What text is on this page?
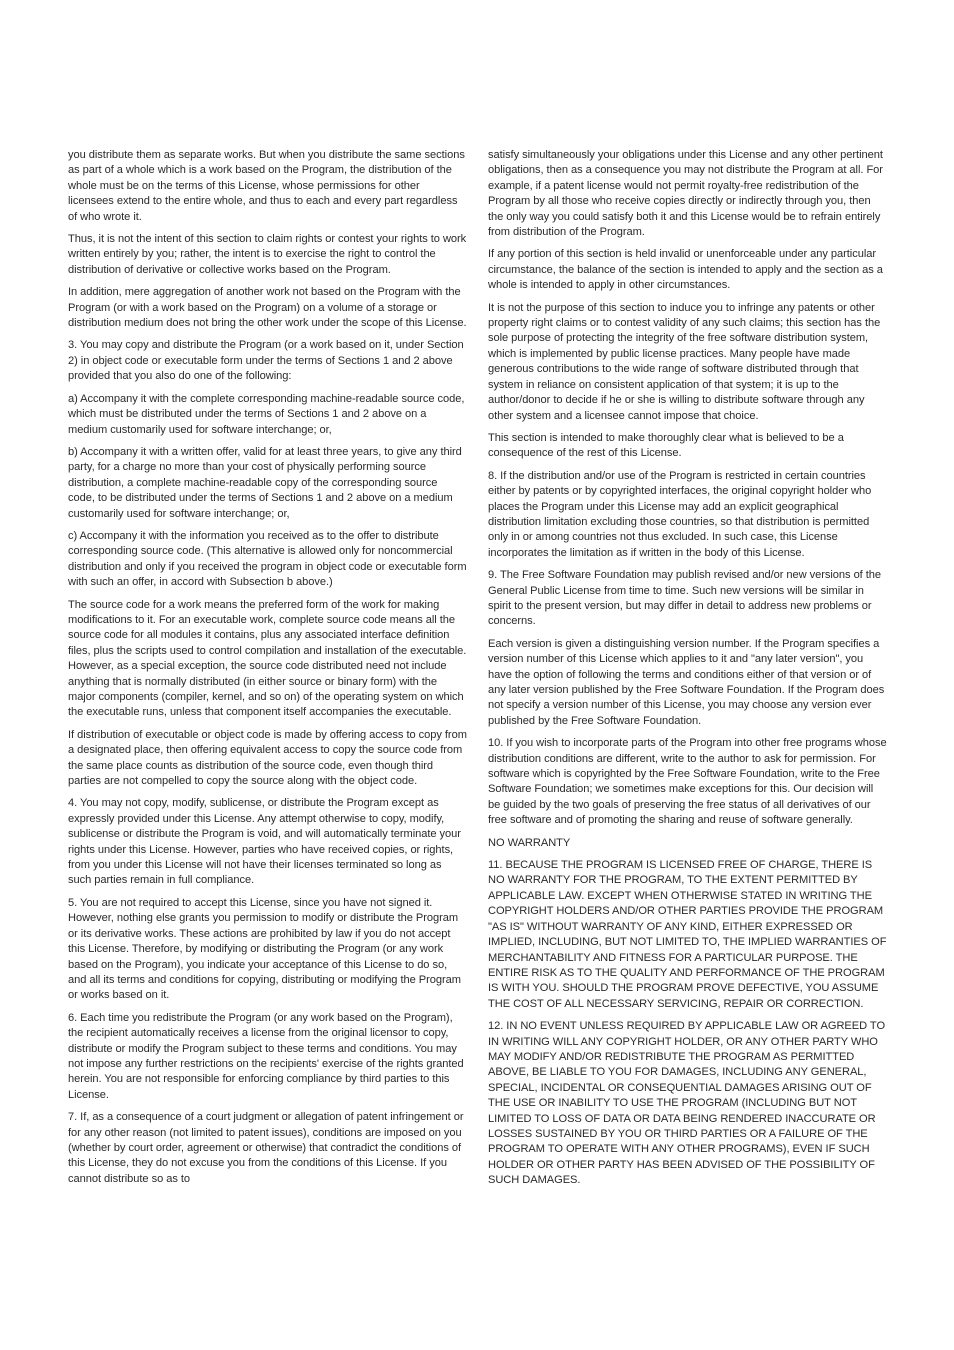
you distribute them as separate works. But when you distribute the same sections as part of a whole which is a work based on the Program, the distribution of the whole must be on the terms of this License, whose permissions for other licensees extend to the entire whole, and thus to each and every part regardless of who wrote it.

Thus, it is not the intent of this section to claim rights or contest your rights to work written entirely by you; rather, the intent is to exercise the right to control the distribution of derivative or collective works based on the Program.

In addition, mere aggregation of another work not based on the Program with the Program (or with a work based on the Program) on a volume of a storage or distribution medium does not bring the other work under the scope of this License.

3. You may copy and distribute the Program (or a work based on it, under Section 2) in object code or executable form under the terms of Sections 1 and 2 above provided that you also do one of the following:

a) Accompany it with the complete corresponding machine-readable source code, which must be distributed under the terms of Sections 1 and 2 above on a medium customarily used for software interchange; or,

b) Accompany it with a written offer, valid for at least three years, to give any third party, for a charge no more than your cost of physically performing source distribution, a complete machine-readable copy of the corresponding source code, to be distributed under the terms of Sections 1 and 2 above on a medium customarily used for software interchange; or,

c) Accompany it with the information you received as to the offer to distribute corresponding source code. (This alternative is allowed only for noncommercial distribution and only if you received the program in object code or executable form with such an offer, in accord with Subsection b above.)

The source code for a work means the preferred form of the work for making modifications to it. For an executable work, complete source code means all the source code for all modules it contains, plus any associated interface definition files, plus the scripts used to control compilation and installation of the executable. However, as a special exception, the source code distributed need not include anything that is normally distributed (in either source or binary form) with the major components (compiler, kernel, and so on) of the operating system on which the executable runs, unless that component itself accompanies the executable.

If distribution of executable or object code is made by offering access to copy from a designated place, then offering equivalent access to copy the source code from the same place counts as distribution of the source code, even though third parties are not compelled to copy the source along with the object code.

4. You may not copy, modify, sublicense, or distribute the Program except as expressly provided under this License. Any attempt otherwise to copy, modify, sublicense or distribute the Program is void, and will automatically terminate your rights under this License. However, parties who have received copies, or rights, from you under this License will not have their licenses terminated so long as such parties remain in full compliance.

5. You are not required to accept this License, since you have not signed it. However, nothing else grants you permission to modify or distribute the Program or its derivative works. These actions are prohibited by law if you do not accept this License. Therefore, by modifying or distributing the Program (or any work based on the Program), you indicate your acceptance of this License to do so, and all its terms and conditions for copying, distributing or modifying the Program or works based on it.

6. Each time you redistribute the Program (or any work based on the Program), the recipient automatically receives a license from the original licensor to copy, distribute or modify the Program subject to these terms and conditions. You may not impose any further restrictions on the recipients' exercise of the rights granted herein. You are not responsible for enforcing compliance by third parties to this License.

7. If, as a consequence of a court judgment or allegation of patent infringement or for any other reason (not limited to patent issues), conditions are imposed on you (whether by court order, agreement or otherwise) that contradict the conditions of this License, they do not excuse you from the conditions of this License. If you cannot distribute so as to

satisfy simultaneously your obligations under this License and any other pertinent obligations, then as a consequence you may not distribute the Program at all. For example, if a patent license would not permit royalty-free redistribution of the Program by all those who receive copies directly or indirectly through you, then the only way you could satisfy both it and this License would be to refrain entirely from distribution of the Program.

If any portion of this section is held invalid or unenforceable under any particular circumstance, the balance of the section is intended to apply and the section as a whole is intended to apply in other circumstances.

It is not the purpose of this section to induce you to infringe any patents or other property right claims or to contest validity of any such claims; this section has the sole purpose of protecting the integrity of the free software distribution system, which is implemented by public license practices. Many people have made generous contributions to the wide range of software distributed through that system in reliance on consistent application of that system; it is up to the author/donor to decide if he or she is willing to distribute software through any other system and a licensee cannot impose that choice.

This section is intended to make thoroughly clear what is believed to be a consequence of the rest of this License.

8. If the distribution and/or use of the Program is restricted in certain countries either by patents or by copyrighted interfaces, the original copyright holder who places the Program under this License may add an explicit geographical distribution limitation excluding those countries, so that distribution is permitted only in or among countries not thus excluded. In such case, this License incorporates the limitation as if written in the body of this License.

9. The Free Software Foundation may publish revised and/or new versions of the General Public License from time to time. Such new versions will be similar in spirit to the present version, but may differ in detail to address new problems or concerns.

Each version is given a distinguishing version number. If the Program specifies a version number of this License which applies to it and "any later version", you have the option of following the terms and conditions either of that version or of any later version published by the Free Software Foundation. If the Program does not specify a version number of this License, you may choose any version ever published by the Free Software Foundation.

10. If you wish to incorporate parts of the Program into other free programs whose distribution conditions are different, write to the author to ask for permission. For software which is copyrighted by the Free Software Foundation, write to the Free Software Foundation; we sometimes make exceptions for this. Our decision will be guided by the two goals of preserving the free status of all derivatives of our free software and of promoting the sharing and reuse of software generally.

NO WARRANTY

11. BECAUSE THE PROGRAM IS LICENSED FREE OF CHARGE, THERE IS NO WARRANTY FOR THE PROGRAM, TO THE EXTENT PERMITTED BY APPLICABLE LAW. EXCEPT WHEN OTHERWISE STATED IN WRITING THE COPYRIGHT HOLDERS AND/OR OTHER PARTIES PROVIDE THE PROGRAM "AS IS" WITHOUT WARRANTY OF ANY KIND, EITHER EXPRESSED OR IMPLIED, INCLUDING, BUT NOT LIMITED TO, THE IMPLIED WARRANTIES OF MERCHANTABILITY AND FITNESS FOR A PARTICULAR PURPOSE. THE ENTIRE RISK AS TO THE QUALITY AND PERFORMANCE OF THE PROGRAM IS WITH YOU. SHOULD THE PROGRAM PROVE DEFECTIVE, YOU ASSUME THE COST OF ALL NECESSARY SERVICING, REPAIR OR CORRECTION.

12. IN NO EVENT UNLESS REQUIRED BY APPLICABLE LAW OR AGREED TO IN WRITING WILL ANY COPYRIGHT HOLDER, OR ANY OTHER PARTY WHO MAY MODIFY AND/OR REDISTRIBUTE THE PROGRAM AS PERMITTED ABOVE, BE LIABLE TO YOU FOR DAMAGES, INCLUDING ANY GENERAL, SPECIAL, INCIDENTAL OR CONSEQUENTIAL DAMAGES ARISING OUT OF THE USE OR INABILITY TO USE THE PROGRAM (INCLUDING BUT NOT LIMITED TO LOSS OF DATA OR DATA BEING RENDERED INACCURATE OR LOSSES SUSTAINED BY YOU OR THIRD PARTIES OR A FAILURE OF THE PROGRAM TO OPERATE WITH ANY OTHER PROGRAMS), EVEN IF SUCH HOLDER OR OTHER PARTY HAS BEEN ADVISED OF THE POSSIBILITY OF SUCH DAMAGES.
